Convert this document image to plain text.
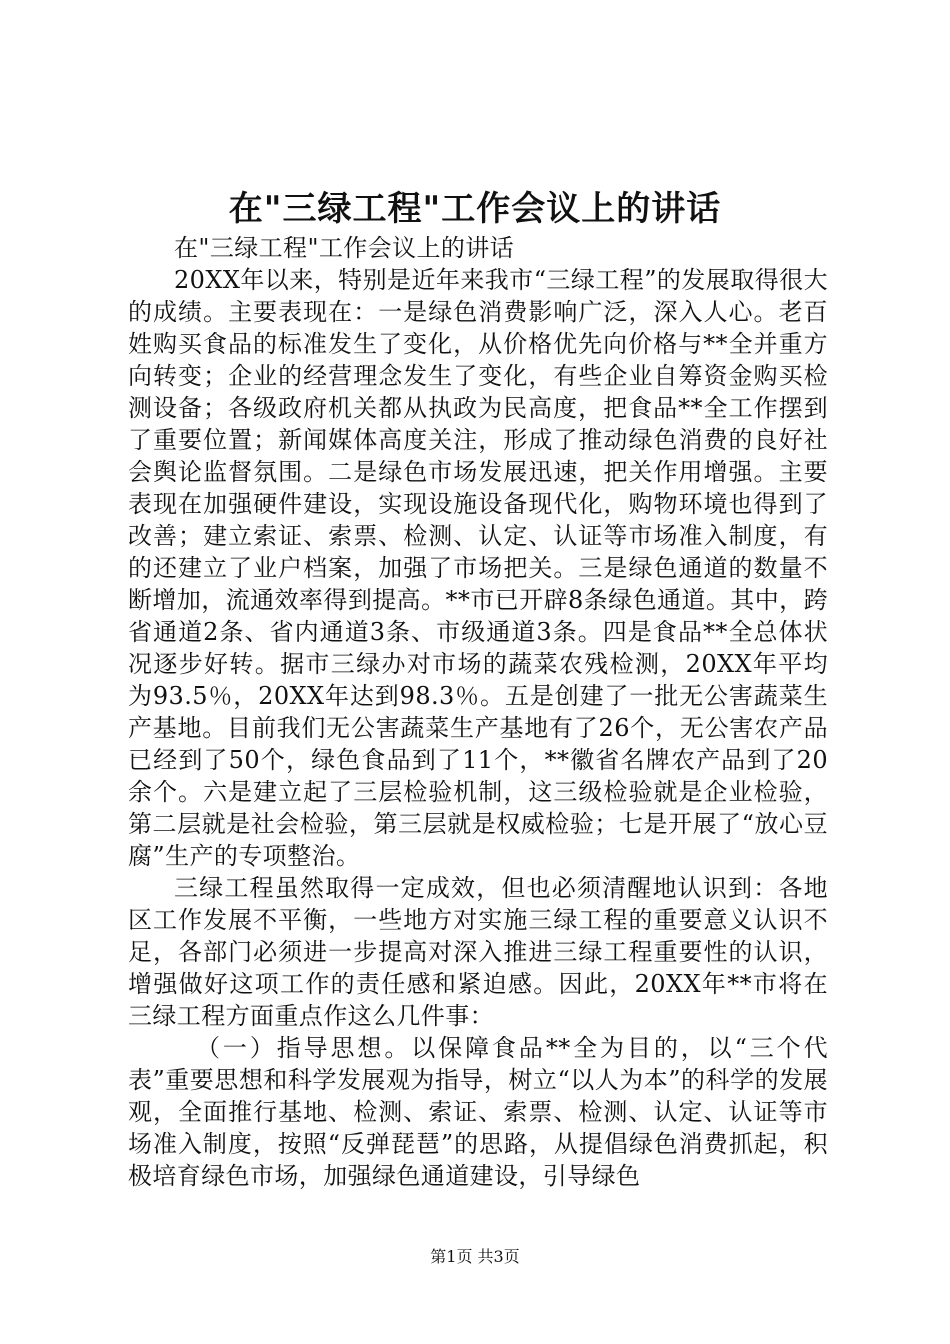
在"三绿工程"工作会议上的讲话

在"三绿工程"工作会议上的讲话

20XX年以来，特别是近年来我市“三绿工程”的发展取得很大的成绩。主要表现在：一是绿色消费影响广泛，深入人心。老百姓购买食品的标准发生了变化，从价格优先向价格与**全并重方向转变；企业的经营理念发生了变化，有些企业自筹资金购买检测设备；各级政府机关都从执政为民高度，把食品**全工作摆到了重要位置；新闻媒体高度关注，形成了推动绿色消费的良好社会舆论监督氛围。二是绿色市场发展迅速，把关作用增强。主要表现在加强硬件建设，实现设施设备现代化，购物环境也得到了改善；建立索证、索票、检测、认定、认证等市场准入制度，有的还建立了业户档案，加强了市场把关。三是绿色通道的数量不断增加，流通效率得到提高。**市已开辟8条绿色通道。其中，跨省通道2条、省内通道3条、市级通道3条。四是食品**全总体状况逐步好转。据市三绿办对市场的蔬菜农残检测，20XX年平均为93.5％，20XX年达到98.3％。五是创建了一批无公害蔬菜生产基地。目前我们无公害蔬菜生产基地有了26个，无公害农产品已经到了50个，绿色食品到了11个，**徽省名牌农产品到了20余个。六是建立起了三层检验机制，这三级检验就是企业检验，第二层就是社会检验，第三层就是权威检验；七是开展了“放心豆腐”生产的专项整治。

三绿工程虽然取得一定成效，但也必须清醒地认识到：各地区工作发展不平衡，一些地方对实施三绿工程的重要意义认识不足，各部门必须进一步提高对深入推进三绿工程重要性的认识，增强做好这项工作的责任感和紧迫感。因此，20XX年**市将在三绿工程方面重点作这么几件事：

（一）指导思想。以保障食品**全为目的，以“三个代表”重要思想和科学发展观为指导，树立“以人为本”的科学的发展观，全面推行基地、检测、索证、索票、检测、认定、认证等市场准入制度，按照“反弹琵琶”的思路，从提倡绿色消费抓起，积极培育绿色市场，加强绿色通道建设，引导绿色

第1页 共3页
